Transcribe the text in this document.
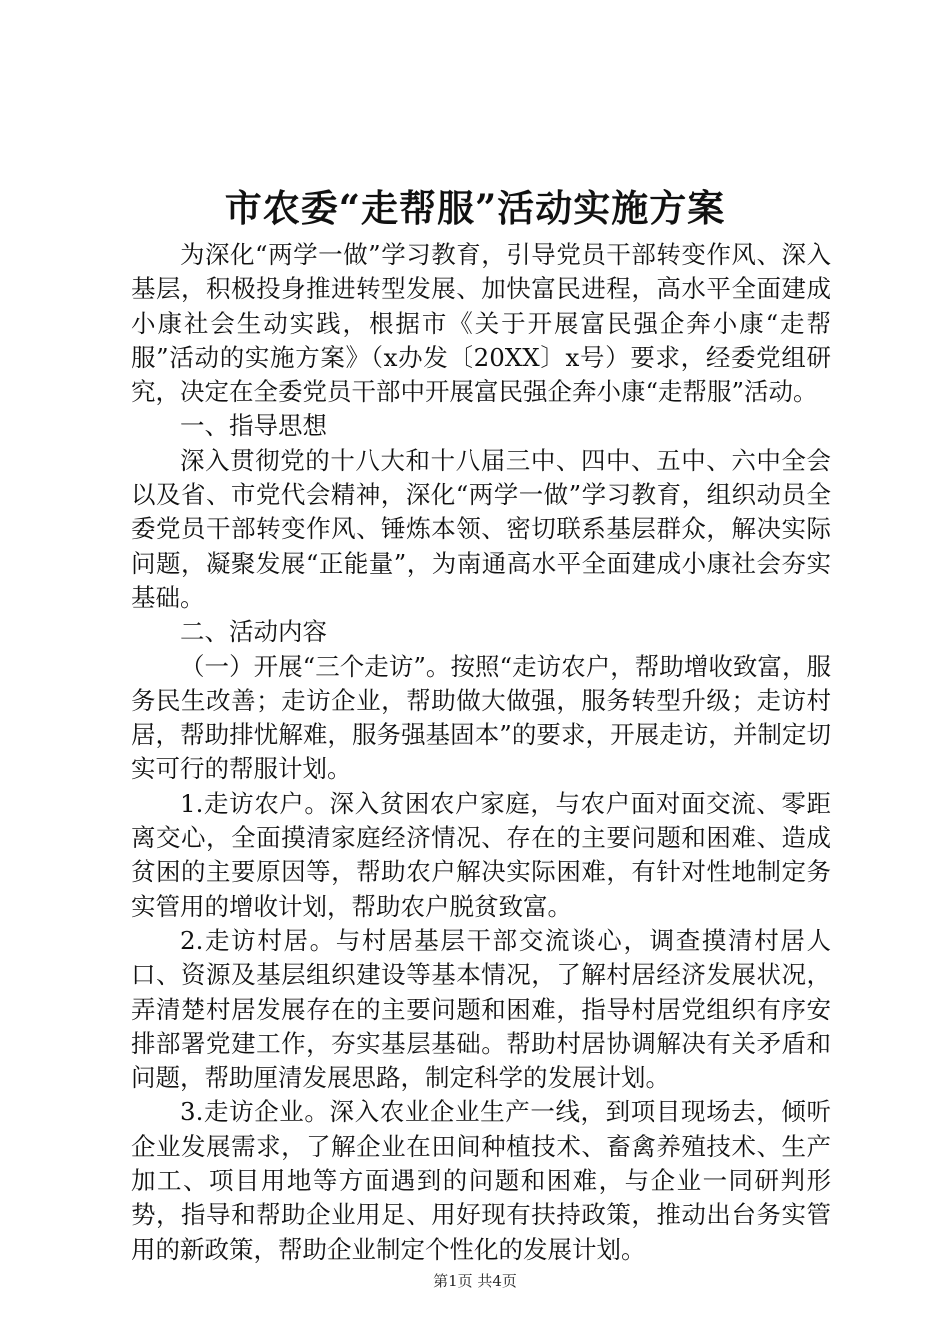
市农委“走帮服”活动实施方案

为深化“两学一做”学习教育，引导党员干部转变作风、深入基层，积极投身推进转型发展、加快富民进程，高水平全面建成小康社会生动实践，根据市《关于开展富民强企奔小康“走帮服”活动的实施方案》（x办发〔20XX〕x号）要求，经委党组研究，决定在全委党员干部中开展富民强企奔小康“走帮服”活动。

一、指导思想

深入贯彻党的十八大和十八届三中、四中、五中、六中全会以及省、市党代会精神，深化“两学一做”学习教育，组织动员全委党员干部转变作风、锤炼本领、密切联系基层群众，解决实际问题，凝聚发展“正能量”，为南通高水平全面建成小康社会夯实基础。

二、活动内容

（一）开展“三个走访”。按照“走访农户，帮助增收致富，服务民生改善；走访企业，帮助做大做强，服务转型升级；走访村居，帮助排忧解难，服务强基固本”的要求，开展走访，并制定切实可行的帮服计划。

1.走访农户。深入贫困农户家庭，与农户面对面交流、零距离交心，全面摸清家庭经济情况、存在的主要问题和困难、造成贫困的主要原因等，帮助农户解决实际困难，有针对性地制定务实管用的增收计划，帮助农户脱贫致富。

2.走访村居。与村居基层干部交流谈心，调查摸清村居人口、资源及基层组织建设等基本情况，了解村居经济发展状况，弄清楚村居发展存在的主要问题和困难，指导村居党组织有序安排部署党建工作，夯实基层基础。帮助村居协调解决有关矛盾和问题，帮助厘清发展思路，制定科学的发展计划。

3.走访企业。深入农业企业生产一线，到项目现场去，倾听企业发展需求，了解企业在田间种植技术、畜禽养殖技术、生产加工、项目用地等方面遇到的问题和困难，与企业一同研判形势，指导和帮助企业用足、用好现有扶持政策，推动出台务实管用的新政策，帮助企业制定个性化的发展计划。

第1页 共4页
